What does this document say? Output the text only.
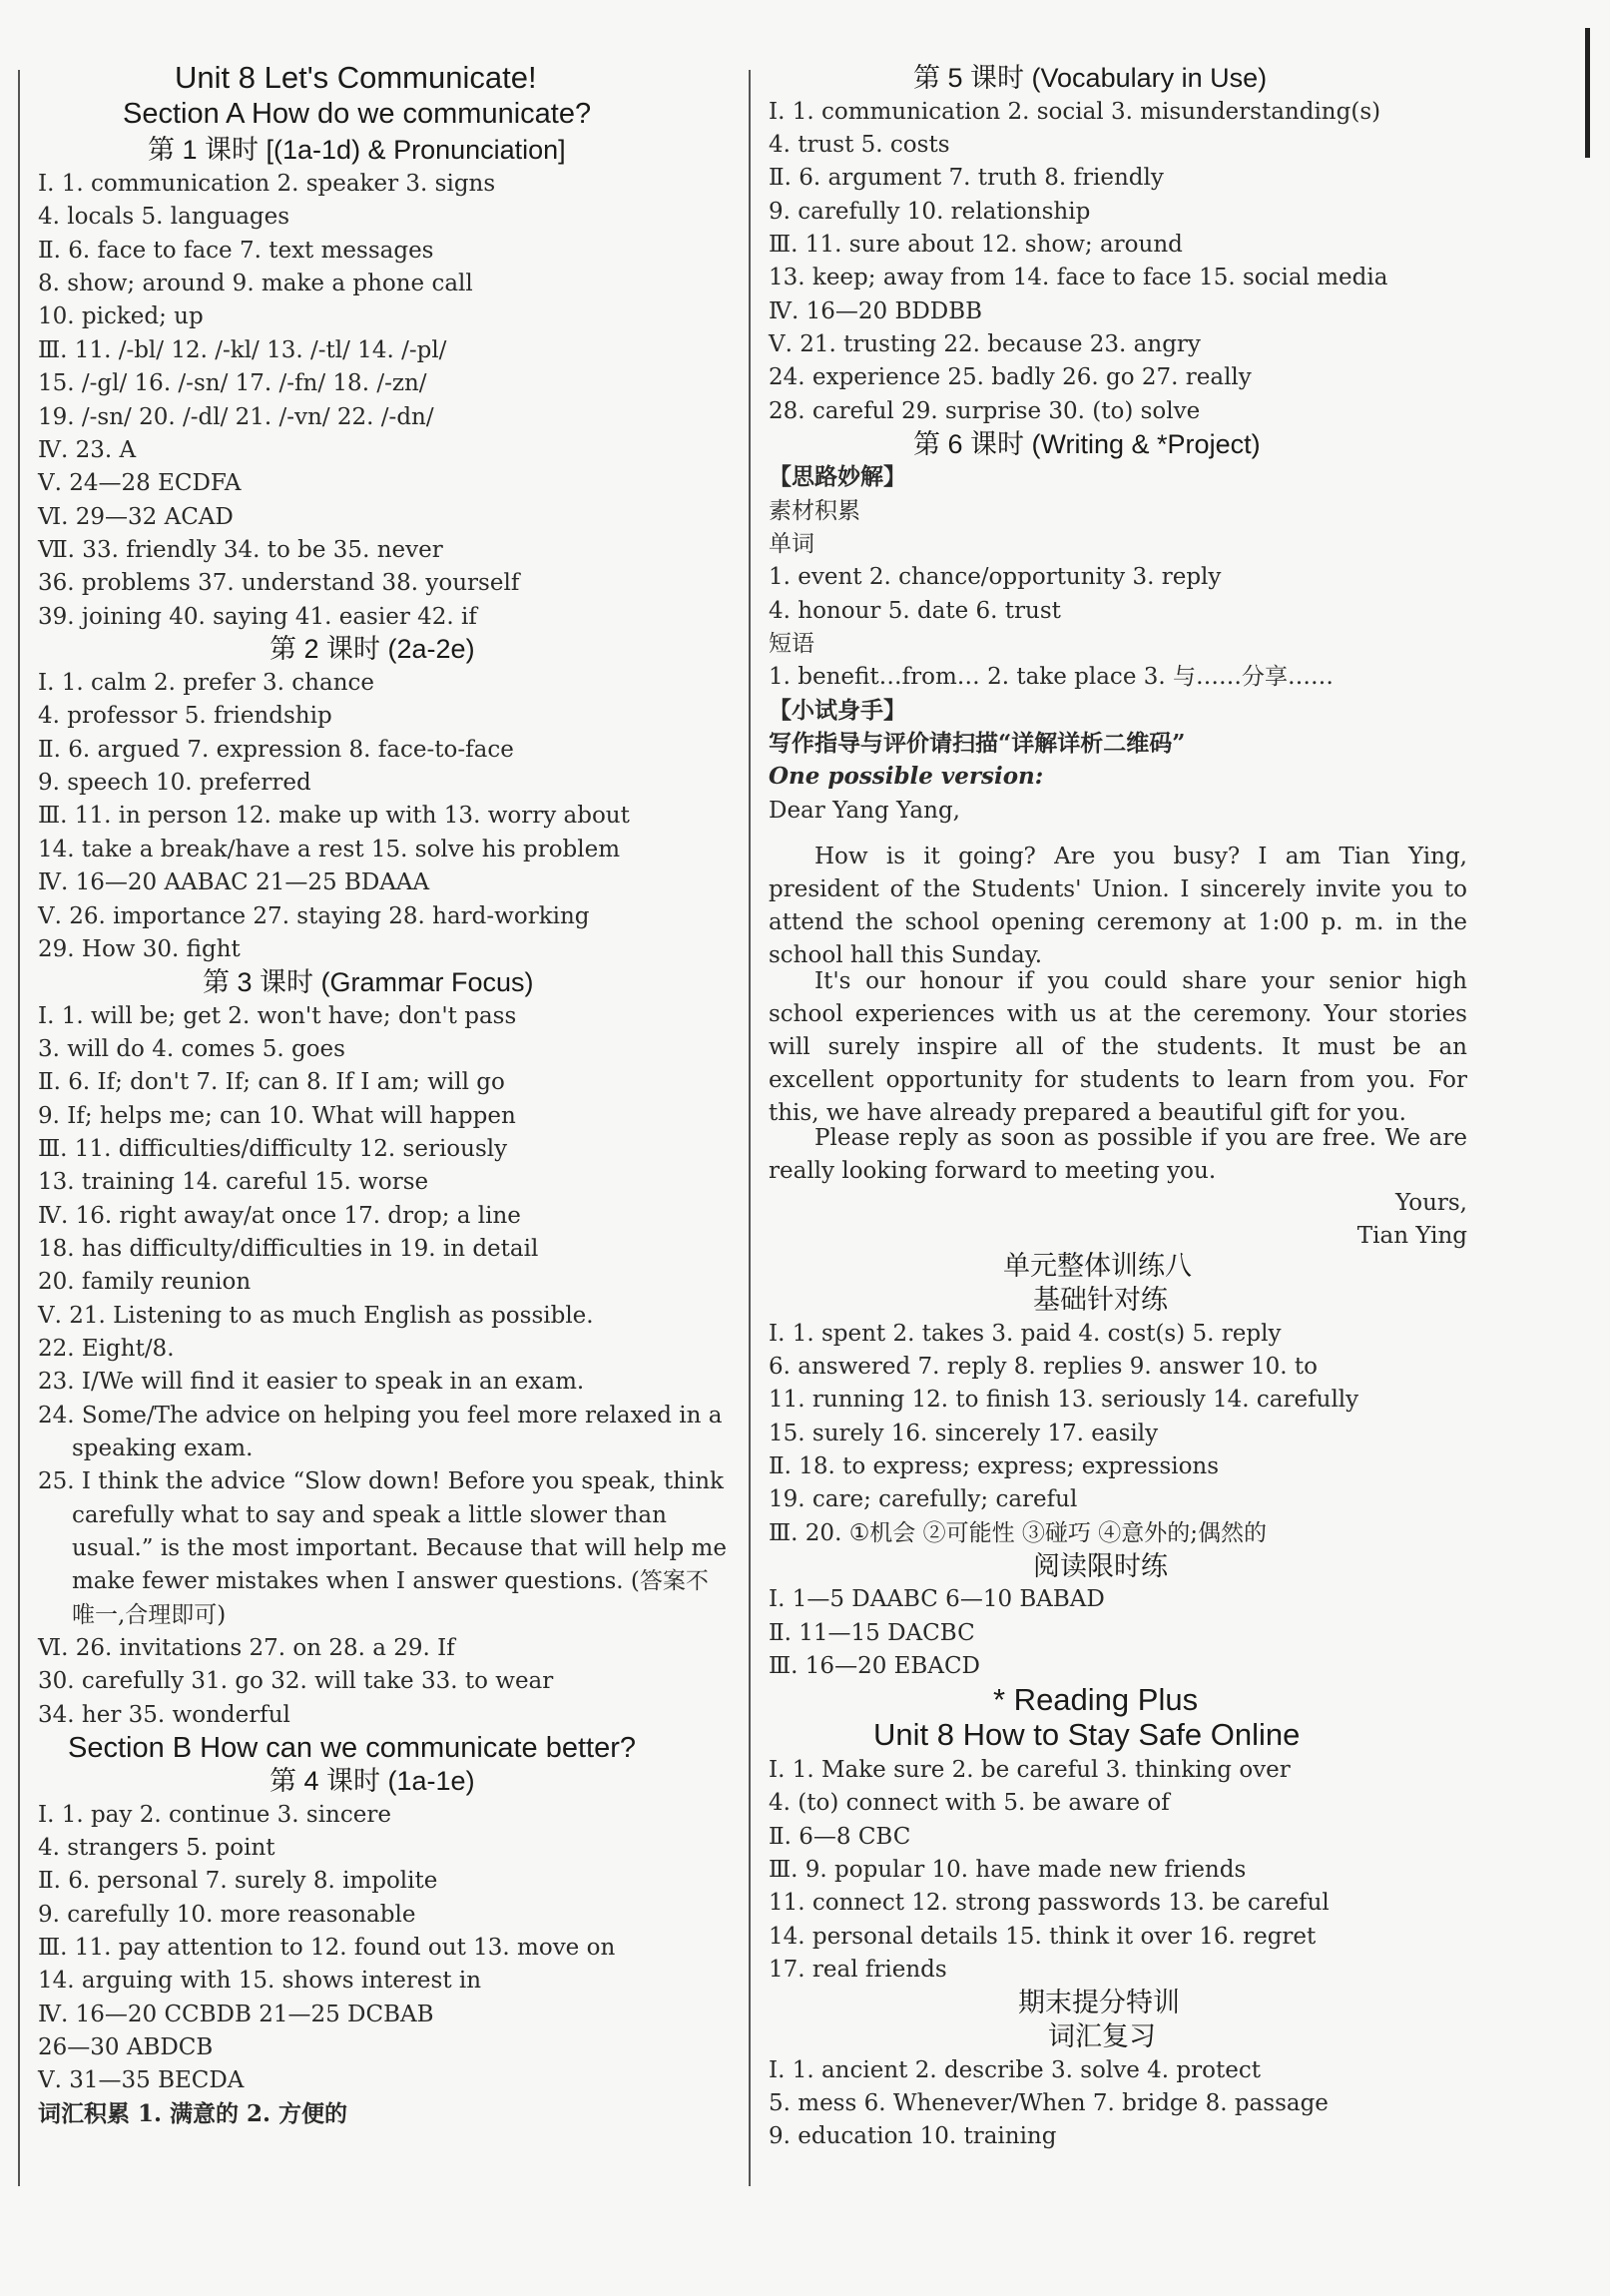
Unit 8 Let's Communicate!
Section A How do we communicate?
第 1 课时 [(1a-1d) & Pronunciation]
Ⅰ. 1. communication 2. speaker 3. signs
4. locals 5. languages
Ⅱ. 6. face to face 7. text messages
8. show; around 9. make a phone call
10. picked; up
Ⅲ. 11. /-bl/ 12. /-kl/ 13. /-tl/ 14. /-pl/
15. /-gl/ 16. /-sn/ 17. /-fn/ 18. /-zn/
19. /-sn/ 20. /-dl/ 21. /-vn/ 22. /-dn/
Ⅳ. 23. A
Ⅴ. 24—28 ECDFA
Ⅵ. 29—32 ACAD
Ⅶ. 33. friendly 34. to be 35. never
36. problems 37. understand 38. yourself
39. joining 40. saying 41. easier 42. if
第 2 课时 (2a-2e)
Ⅰ. 1. calm 2. prefer 3. chance
4. professor 5. friendship
Ⅱ. 6. argued 7. expression 8. face-to-face
9. speech 10. preferred
Ⅲ. 11. in person 12. make up with 13. worry about
14. take a break/have a rest 15. solve his problem
Ⅳ. 16—20 AABAC 21—25 BDAAA
Ⅴ. 26. importance 27. staying 28. hard-working
29. How 30. fight
第 3 课时 (Grammar Focus)
Ⅰ. 1. will be; get 2. won't have; don't pass
3. will do 4. comes 5. goes
Ⅱ. 6. If; don't 7. If; can 8. If I am; will go
9. If; helps me; can 10. What will happen
Ⅲ. 11. difficulties/difficulty 12. seriously
13. training 14. careful 15. worse
Ⅳ. 16. right away/at once 17. drop; a line
18. has difficulty/difficulties in 19. in detail
20. family reunion
Ⅴ. 21. Listening to as much English as possible.
22. Eight/8.
23. I/We will find it easier to speak in an exam.
24. Some/The advice on helping you feel more relaxed in a
speaking exam.
25. I think the advice “Slow down! Before you speak, think
carefully what to say and speak a little slower than
usual.” is the most important. Because that will help me
make fewer mistakes when I answer questions. (答案不
唯一,合理即可)
Ⅵ. 26. invitations 27. on 28. a 29. If
30. carefully 31. go 32. will take 33. to wear
34. her 35. wonderful
Section B How can we communicate better?
第 4 课时 (1a-1e)
Ⅰ. 1. pay 2. continue 3. sincere
4. strangers 5. point
Ⅱ. 6. personal 7. surely 8. impolite
9. carefully 10. more reasonable
Ⅲ. 11. pay attention to 12. found out 13. move on
14. arguing with 15. shows interest in
Ⅳ. 16—20 CCBDB 21—25 DCBAB
26—30 ABDCB
Ⅴ. 31—35 BECDA
词汇积累 1. 满意的 2. 方便的
第 5 课时 (Vocabulary in Use)
Ⅰ. 1. communication 2. social 3. misunderstanding(s)
4. trust 5. costs
Ⅱ. 6. argument 7. truth 8. friendly
9. carefully 10. relationship
Ⅲ. 11. sure about 12. show; around
13. keep; away from 14. face to face 15. social media
Ⅳ. 16—20 BDDBB
Ⅴ. 21. trusting 22. because 23. angry
24. experience 25. badly 26. go 27. really
28. careful 29. surprise 30. (to) solve
第 6 课时 (Writing & *Project)
【思路妙解】
素材积累
单词
1. event 2. chance/opportunity 3. reply
4. honour 5. date 6. trust
短语
1. benefit…from… 2. take place 3. 与……分享……
【小试身手】
写作指导与评价请扫描“详解详析二维码”
One possible version:
Dear Yang Yang,
How is it going? Are you busy? I am Tian Ying, president of the Students' Union. I sincerely invite you to attend the school opening ceremony at 1:00 p. m. in the school hall this Sunday.
It's our honour if you could share your senior high school experiences with us at the ceremony. Your stories will surely inspire all of the students. It must be an excellent opportunity for students to learn from you. For this, we have already prepared a beautiful gift for you.
Please reply as soon as possible if you are free. We are really looking forward to meeting you.
Yours,
Tian Ying
单元整体训练八
基础针对练
Ⅰ. 1. spent 2. takes 3. paid 4. cost(s) 5. reply
6. answered 7. reply 8. replies 9. answer 10. to
11. running 12. to finish 13. seriously 14. carefully
15. surely 16. sincerely 17. easily
Ⅱ. 18. to express; express; expressions
19. care; carefully; careful
Ⅲ. 20. ①机会 ②可能性 ③碰巧 ④意外的;偶然的
阅读限时练
Ⅰ. 1—5 DAABC 6—10 BABAD
Ⅱ. 11—15 DACBC
Ⅲ. 16—20 EBACD
* Reading Plus
Unit 8 How to Stay Safe Online
Ⅰ. 1. Make sure 2. be careful 3. thinking over
4. (to) connect with 5. be aware of
Ⅱ. 6—8 CBC
Ⅲ. 9. popular 10. have made new friends
11. connect 12. strong passwords 13. be careful
14. personal details 15. think it over 16. regret
17. real friends
期末提分特训
词汇复习
Ⅰ. 1. ancient 2. describe 3. solve 4. protect
5. mess 6. Whenever/When 7. bridge 8. passage
9. education 10. training
